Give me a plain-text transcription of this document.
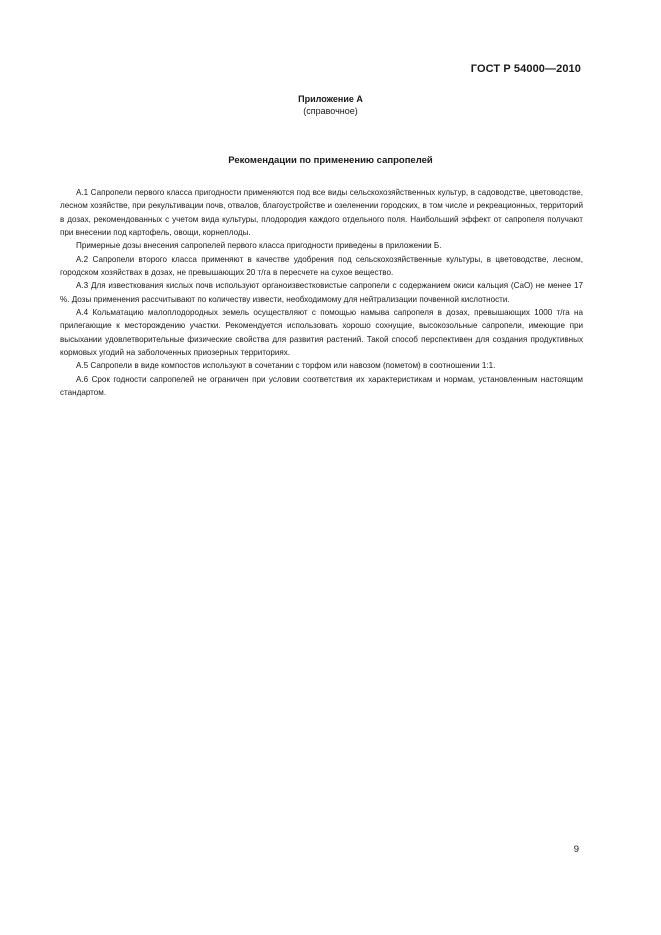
ГОСТ Р 54000—2010
Приложение А
(справочное)
Рекомендации по применению сапропелей

А.1 Сапропели первого класса пригодности применяются под все виды сельскохозяйственных культур, в садоводстве, цветоводстве, лесном хозяйстве, при рекультивации почв, отвалов, благоустройстве и озеленении городских, в том числе и рекреационных, территорий в дозах, рекомендованных с учетом вида культуры, плодородия каждого отдельного поля. Наибольший эффект от сапропеля получают при внесении под картофель, овощи, корнеплоды.

Примерные дозы внесения сапропелей первого класса пригодности приведены в приложении Б.

А.2 Сапропели второго класса применяют в качестве удобрения под сельскохозяйственные культуры, в цветоводстве, лесном, городском хозяйствах в дозах, не превышающих 20 т/га в пересчете на сухое вещество.

А.3 Для известкования кислых почв используют органоизвестковистые сапропели с содержанием окиси кальция (CaO) не менее 17 %. Дозы применения рассчитывают по количеству извести, необходимому для нейтрализации почвенной кислотности.

А.4 Кольматацию малоплодородных земель осуществляют с помощью намыва сапропеля в дозах, превышающих 1000 т/га на прилегающие к месторождению участки. Рекомендуется использовать хорошо сохнущие, высокозольные сапропели, имеющие при высыхании удовлетворительные физические свойства для развития растений. Такой способ перспективен для создания продуктивных кормовых угодий на заболоченных приозерных территориях.

А.5 Сапропели в виде компостов используют в сочетании с торфом или навозом (пометом) в соотношении 1:1.

А.6 Срок годности сапропелей не ограничен при условии соответствия их характеристикам и нормам, установленным настоящим стандартом.

9
